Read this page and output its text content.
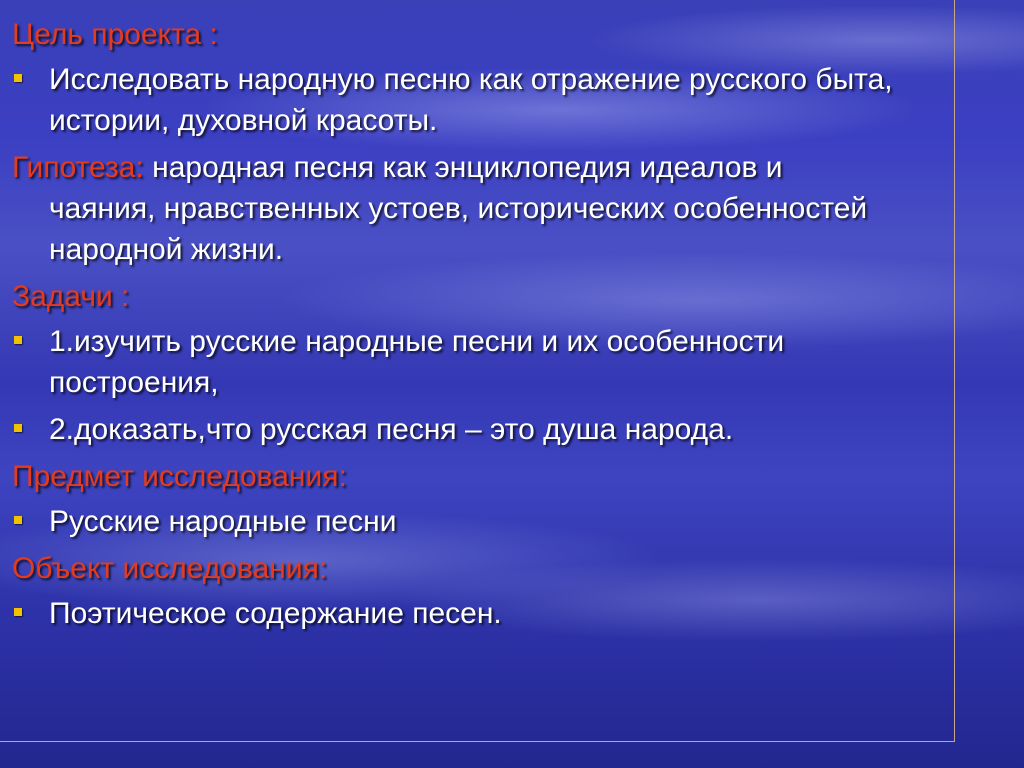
Цель проекта :

Исследовать народную песню как отражение русского быта, истории, духовной красоты.

Гипотеза: народная песня как энциклопедия идеалов и

чаяния, нравственных устоев, исторических особенностей народной жизни.

Задачи :

1.изучить русские народные песни и их особенности построения,

2.доказать,что русская песня – это душа народа.

Предмет исследования:

Русские народные песни

Объект исследования:

Поэтическое содержание песен.
